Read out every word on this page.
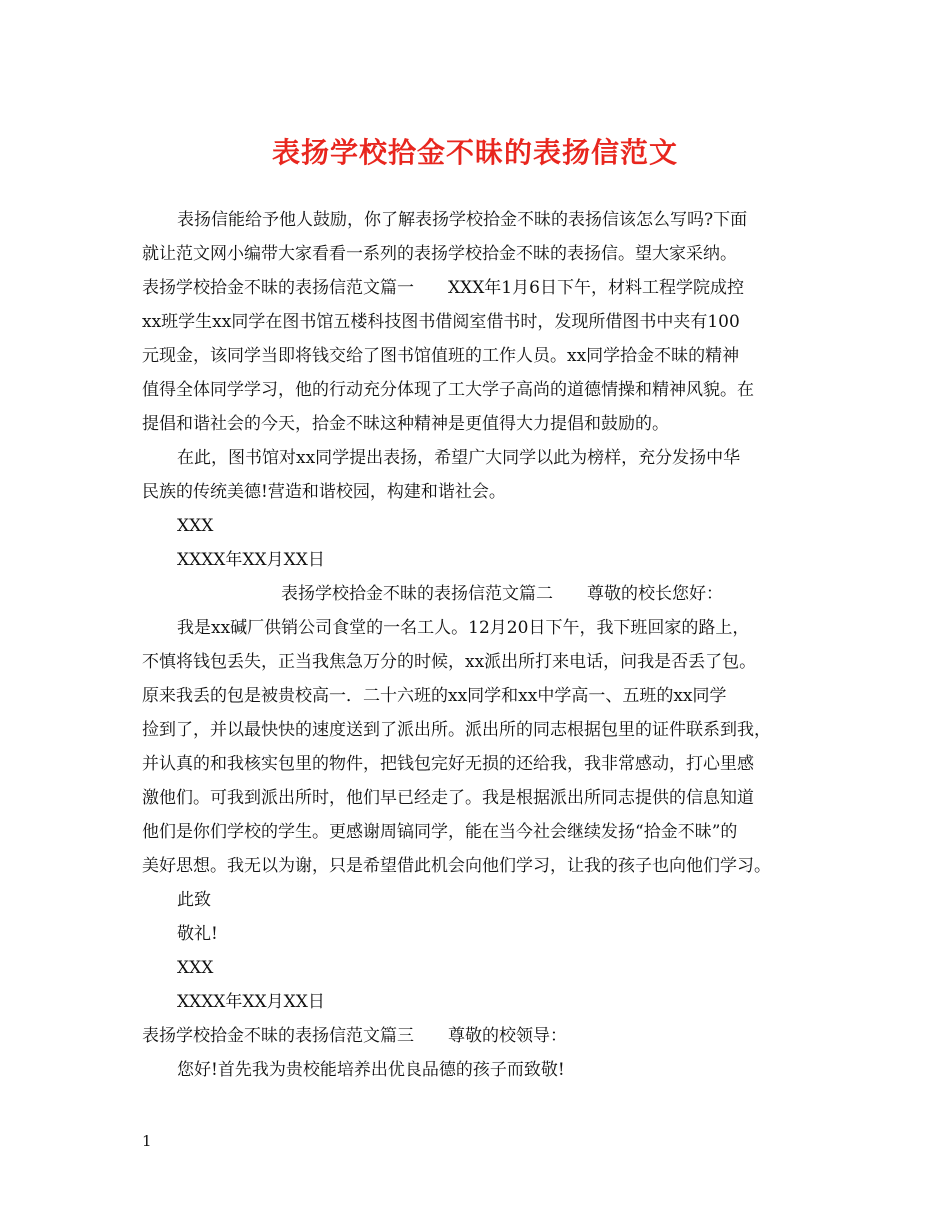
表扬学校拾金不昧的表扬信范文
表扬信能给予他人鼓励，你了解表扬学校拾金不昧的表扬信该怎么写吗?下面
就让范文网小编带大家看看一系列的表扬学校拾金不昧的表扬信。望大家采纳。
表扬学校拾金不昧的表扬信范文篇一　　XXX年1月6日下午，材料工程学院成控
xx班学生xx同学在图书馆五楼科技图书借阅室借书时，发现所借图书中夹有100
元现金，该同学当即将钱交给了图书馆值班的工作人员。xx同学拾金不昧的精神
值得全体同学学习，他的行动充分体现了工大学子高尚的道德情操和精神风貌。在
提倡和谐社会的今天，拾金不昧这种精神是更值得大力提倡和鼓励的。
在此，图书馆对xx同学提出表扬，希望广大同学以此为榜样，充分发扬中华
民族的传统美德!营造和谐校园，构建和谐社会。
XXX
XXXX年XX月XX日
表扬学校拾金不昧的表扬信范文篇二　　尊敬的校长您好：
我是xx碱厂供销公司食堂的一名工人。12月20日下午，我下班回家的路上，
不慎将钱包丢失，正当我焦急万分的时候，xx派出所打来电话，问我是否丢了包。
原来我丢的包是被贵校高一．二十六班的xx同学和xx中学高一、五班的xx同学
捡到了，并以最快快的速度送到了派出所。派出所的同志根据包里的证件联系到我，
并认真的和我核实包里的物件，把钱包完好无损的还给我，我非常感动，打心里感
激他们。可我到派出所时，他们早已经走了。我是根据派出所同志提供的信息知道
他们是你们学校的学生。更感谢周镐同学，能在当今社会继续发扬“拾金不昧”的
美好思想。我无以为谢，只是希望借此机会向他们学习，让我的孩子也向他们学习。
此致
敬礼!
XXX
XXXX年XX月XX日
表扬学校拾金不昧的表扬信范文篇三　　尊敬的校领导：
您好!首先我为贵校能培养出优良品德的孩子而致敬!
1
